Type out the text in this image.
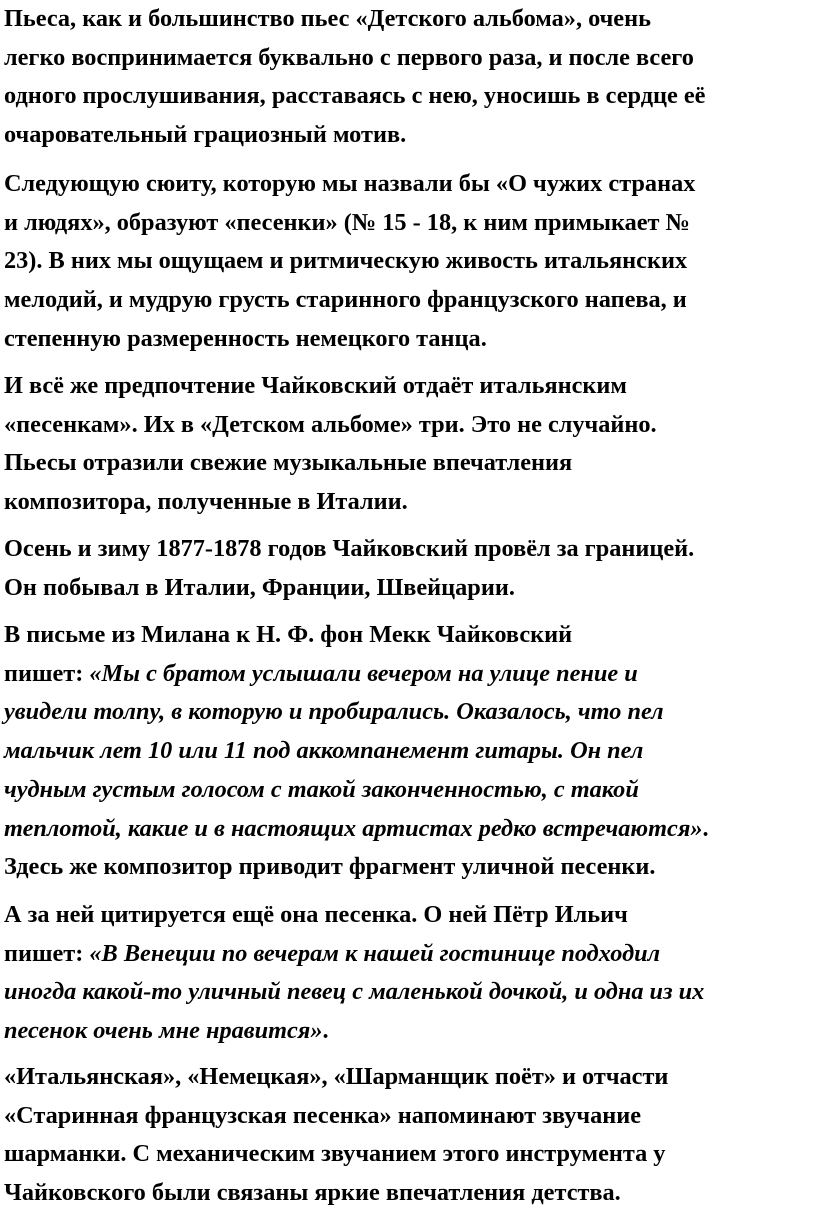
Пьеса, как и большинство пьес «Детского альбома», очень
легко воспринимается буквально с первого раза, и после всего
одного прослушивания, расставаясь с нею, уносишь в сердце её
очаровательный грациозный мотив.

Следующую сюиту, которую мы назвали бы «О чужих странах
и людях», образуют «песенки» (№ 15 - 18, к ним примыкает №
23). В них мы ощущаем и ритмическую живость итальянских
мелодий, и мудрую грусть старинного французского напева, и
степенную размеренность немецкого танца.

И всё же предпочтение Чайковский отдаёт итальянским
«песенкам». Их в «Детском альбоме» три. Это не случайно.
Пьесы отразили свежие музыкальные впечатления
композитора, полученные в Италии.

Осень и зиму 1877-1878 годов Чайковский провёл за границей.
Он побывал в Италии, Франции, Швейцарии.

В письме из Милана к Н. Ф. фон Мекк Чайковский
пишет: «Мы с братом услышали вечером на улице пение и
увидели толпу, в которую и пробирались. Оказалось, что пел
мальчик лет 10 или 11 под аккомпанемент гитары. Он пел
чудным густым голосом с такой законченностью, с такой
теплотой, какие и в настоящих артистах редко встречаются».
Здесь же композитор приводит фрагмент уличной песенки.

А за ней цитируется ещё она песенка. О ней Пётр Ильич
пишет: «В Венеции по вечерам к нашей гостинице подходил
иногда какой-то уличный певец с маленькой дочкой, и одна из их
песенок очень мне нравится».

«Итальянская», «Немецкая», «Шарманщик поёт» и отчасти
«Старинная французская песенка» напоминают звучание
шарманки. С механическим звучанием этого инструмента у
Чайковского были связаны яркие впечатления детства.
